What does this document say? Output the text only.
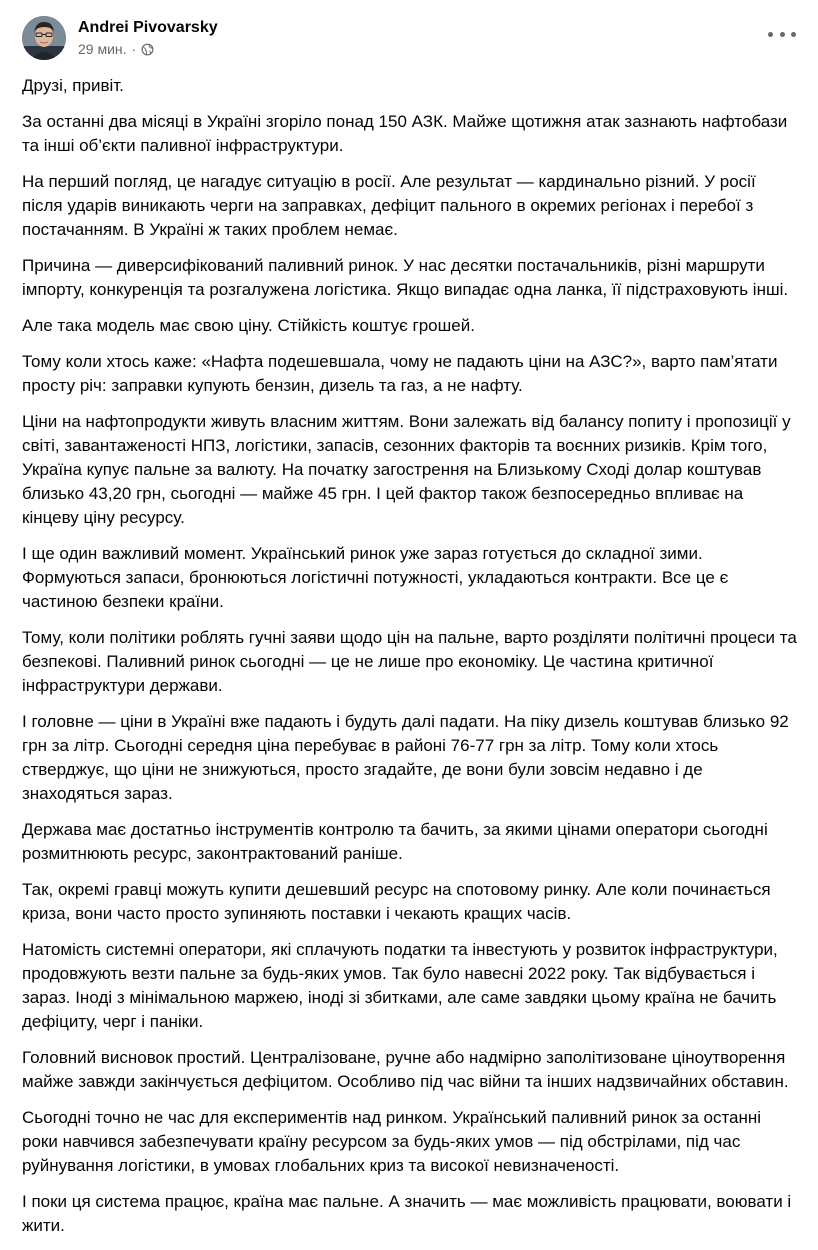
Andrei Pivovarsky
29 мин. ·

Друзі, привіт.

За останні два місяці в Україні згоріло понад 150 АЗК. Майже щотижня атак зазнають нафтобази та інші об’єкти паливної інфраструктури.

На перший погляд, це нагадує ситуацію в росії. Але результат — кардинально різний. У росії після ударів виникають черги на заправках, дефіцит пального в окремих регіонах і перебої з постачанням. В Україні ж таких проблем немає.

Причина — диверсифікований паливний ринок. У нас десятки постачальників, різні маршрути імпорту, конкуренція та розгалужена логістика. Якщо випадає одна ланка, її підстраховують інші.

Але така модель має свою ціну. Стійкість коштує грошей.

Тому коли хтось каже: «Нафта подешевшала, чому не падають ціни на АЗС?», варто пам’ятати просту річ: заправки купують бензин, дизель та газ, а не нафту.

Ціни на нафтопродукти живуть власним життям. Вони залежать від балансу попиту і пропозиції у світі, завантаженості НПЗ, логістики, запасів, сезонних факторів та воєнних ризиків. Крім того, Україна купує пальне за валюту. На початку загострення на Близькому Сході долар коштував близько 43,20 грн, сьогодні — майже 45 грн. І цей фактор також безпосередньо впливає на кінцеву ціну ресурсу.

І ще один важливий момент. Український ринок уже зараз готується до складної зими. Формуються запаси, бронюються логістичні потужності, укладаються контракти. Все це є частиною безпеки країни.

Тому, коли політики роблять гучні заяви щодо цін на пальне, варто розділяти політичні процеси та безпекові. Паливний ринок сьогодні — це не лише про економіку. Це частина критичної інфраструктури держави.

І головне — ціни в Україні вже падають і будуть далі падати. На піку дизель коштував близько 92 грн за літр. Сьогодні середня ціна перебуває в районі 76-77 грн за літр. Тому коли хтось стверджує, що ціни не знижуються, просто згадайте, де вони були зовсім недавно і де знаходяться зараз.

Держава має достатньо інструментів контролю та бачить, за якими цінами оператори сьогодні розмитнюють ресурс, законтрактований раніше.

Так, окремі гравці можуть купити дешевший ресурс на спотовому ринку. Але коли починається криза, вони часто просто зупиняють поставки і чекають кращих часів.

Натомість системні оператори, які сплачують податки та інвестують у розвиток інфраструктури, продовжують везти пальне за будь-яких умов. Так було навесні 2022 року. Так відбувається і зараз. Іноді з мінімальною маржею, іноді зі збитками, але саме завдяки цьому країна не бачить дефіциту, черг і паніки.

Головний висновок простий. Централізоване, ручне або надмірно заполітизоване ціноутворення майже завжди закінчується дефіцитом. Особливо під час війни та інших надзвичайних обставин.

Сьогодні точно не час для експериментів над ринком. Український паливний ринок за останні роки навчився забезпечувати країну ресурсом за будь-яких умов — під обстрілами, під час руйнування логістики, в умовах глобальних криз та високої невизначеності.

І поки ця система працює, країна має пальне. А значить — має можливість працювати, воювати і жити.
